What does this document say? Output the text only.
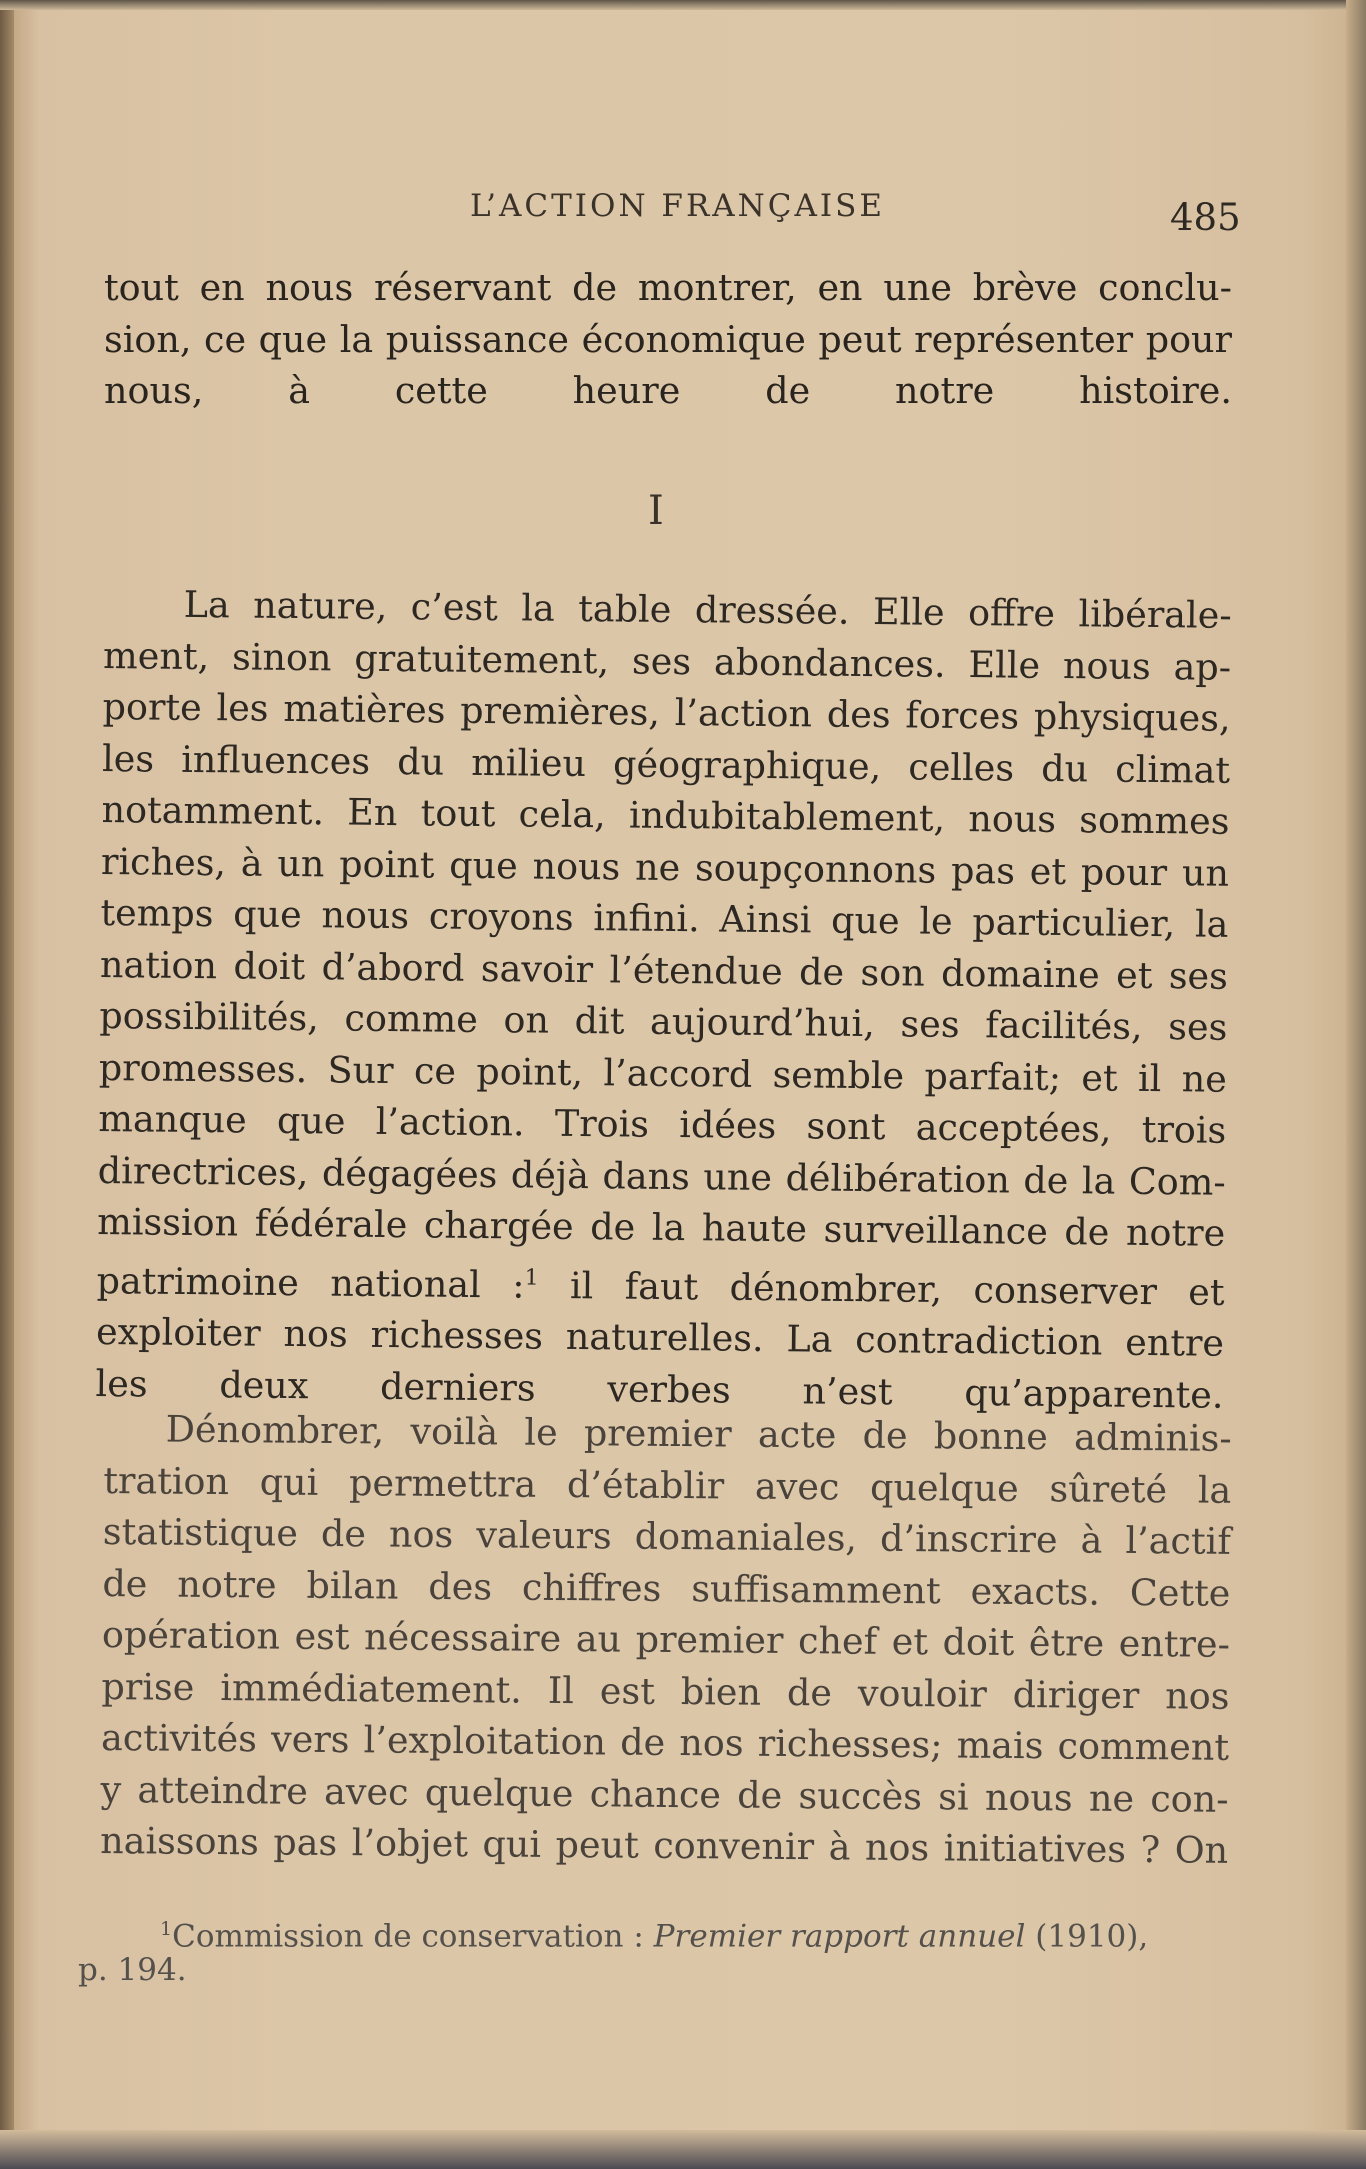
L’ACTION FRANÇAISE	485
tout en nous réservant de montrer, en une brève conclu-
sion, ce que la puissance économique peut représenter pour
nous, à cette heure de notre histoire.
I
La nature, c’est la table dressée. Elle offre libérale-
ment, sinon gratuitement, ses abondances. Elle nous ap-
porte les matières premières, l’action des forces physiques,
les influences du milieu géographique, celles du climat
notamment. En tout cela, indubitablement, nous sommes
riches, à un point que nous ne soupçonnons pas et pour un
temps que nous croyons infini. Ainsi que le particulier, la
nation doit d’abord savoir l’étendue de son domaine et ses
possibilités, comme on dit aujourd’hui, ses facilités, ses
promesses. Sur ce point, l’accord semble parfait; et il ne
manque que l’action. Trois idées sont acceptées, trois
directrices, dégagées déjà dans une délibération de la Com-
mission fédérale chargée de la haute surveillance de notre
patrimoine national :$^1$ il faut dénombrer, conserver et
exploiter nos richesses naturelles. La contradiction entre
les deux derniers verbes n’est qu’apparente.
Dénombrer, voilà le premier acte de bonne adminis-
tration qui permettra d’établir avec quelque sûreté la
statistique de nos valeurs domaniales, d’inscrire à l’actif
de notre bilan des chiffres suffisamment exacts. Cette
opération est nécessaire au premier chef et doit être entre-
prise immédiatement. Il est bien de vouloir diriger nos
activités vers l’exploitation de nos richesses; mais comment
y atteindre avec quelque chance de succès si nous ne con-
naissons pas l’objet qui peut convenir à nos initiatives ? On
$^1$Commission de conservation : Premier rapport annuel (1910),
p. 194.
